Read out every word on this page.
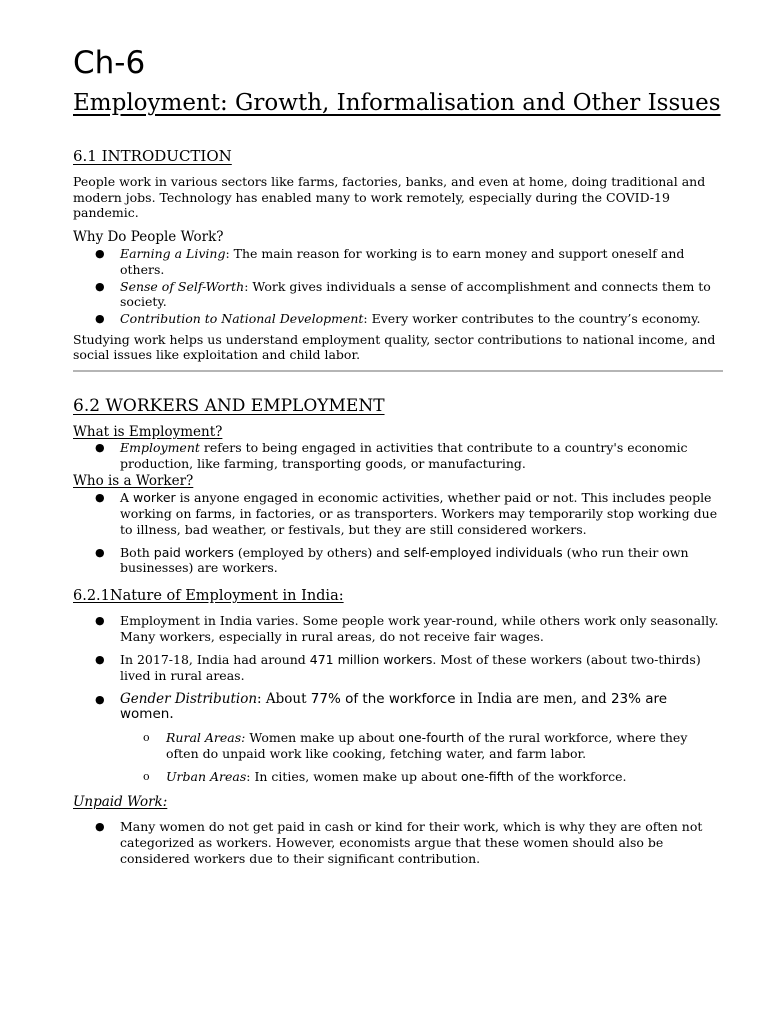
Ch-6
Employment: Growth, Informalisation and Other Issues
6.1 INTRODUCTION

People work in various sectors like farms, factories, banks, and even at home, doing traditional and modern jobs. Technology has enabled many to work remotely, especially during the COVID-19 pandemic.

Why Do People Work?

● Earning a Living: The main reason for working is to earn money and support oneself and others.
● Sense of Self-Worth: Work gives individuals a sense of accomplishment and connects them to society.
● Contribution to National Development: Every worker contributes to the country’s economy.

Studying work helps us understand employment quality, sector contributions to national income, and social issues like exploitation and child labor.

6.2 WORKERS AND EMPLOYMENT

What is Employment?

● Employment refers to being engaged in activities that contribute to a country's economic production, like farming, transporting goods, or manufacturing.

Who is a Worker?

● A worker is anyone engaged in economic activities, whether paid or not. This includes people working on farms, in factories, or as transporters. Workers may temporarily stop working due to illness, bad weather, or festivals, but they are still considered workers.
● Both paid workers (employed by others) and self-employed individuals (who run their own businesses) are workers.

6.2.1Nature of Employment in India:

● Employment in India varies. Some people work year-round, while others work only seasonally. Many workers, especially in rural areas, do not receive fair wages.
● In 2017-18, India had around 471 million workers. Most of these workers (about two-thirds) lived in rural areas.
● Gender Distribution: About 77% of the workforce in India are men, and 23% are women.
o Rural Areas: Women make up about one-fourth of the rural workforce, where they often do unpaid work like cooking, fetching water, and farm labor.
o Urban Areas: In cities, women make up about one-fifth of the workforce.

Unpaid Work:

● Many women do not get paid in cash or kind for their work, which is why they are often not categorized as workers. However, economists argue that these women should also be considered workers due to their significant contribution.
